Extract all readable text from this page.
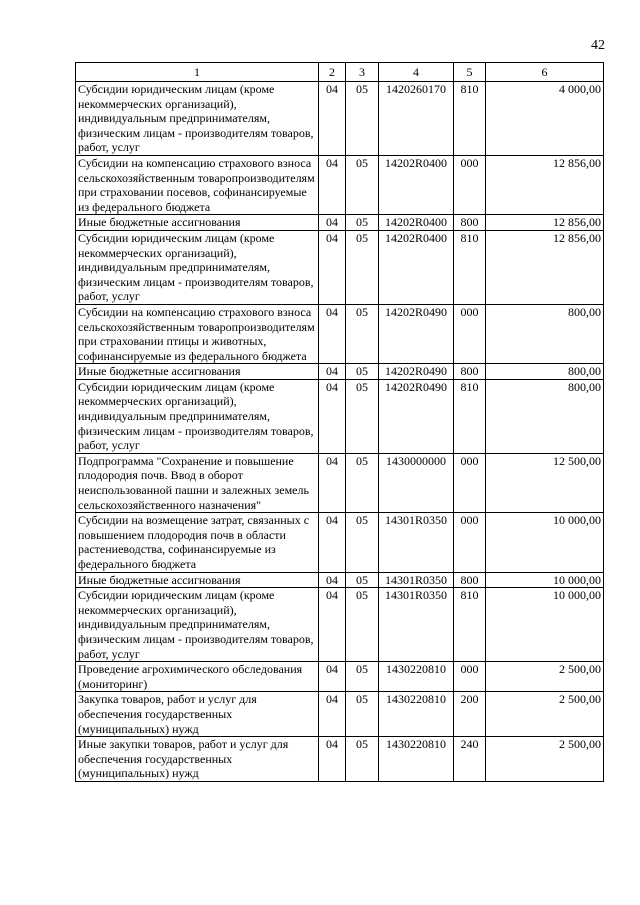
42
1	2	3	4	5	6
Субсидии юридическим лицам (кроме некоммерческих организаций), индивидуальным предпринимателям, физическим лицам - производителям товаров, работ, услуг	04	05	1420260170	810	4 000,00
Субсидии на компенсацию страхового взноса сельскохозяйственным товаропроизводителям при страховании посевов, софинансируемые из федерального бюджета	04	05	14202R0400	000	12 856,00
Иные бюджетные ассигнования	04	05	14202R0400	800	12 856,00
Субсидии юридическим лицам (кроме некоммерческих организаций), индивидуальным предпринимателям, физическим лицам - производителям товаров, работ, услуг	04	05	14202R0400	810	12 856,00
Субсидии на компенсацию страхового взноса сельскохозяйственным товаропроизводителям при страховании птицы и животных, софинансируемые из федерального бюджета	04	05	14202R0490	000	800,00
Иные бюджетные ассигнования	04	05	14202R0490	800	800,00
Субсидии юридическим лицам (кроме некоммерческих организаций), индивидуальным предпринимателям, физическим лицам - производителям товаров, работ, услуг	04	05	14202R0490	810	800,00
Подпрограмма "Сохранение и повышение плодородия почв. Ввод в оборот неиспользованной пашни и залежных земель сельскохозяйственного назначения"	04	05	1430000000	000	12 500,00
Субсидии на возмещение затрат, связанных с повышением плодородия почв в области растениеводства, софинансируемые из федерального бюджета	04	05	14301R0350	000	10 000,00
Иные бюджетные ассигнования	04	05	14301R0350	800	10 000,00
Субсидии юридическим лицам (кроме некоммерческих организаций), индивидуальным предпринимателям, физическим лицам - производителям товаров, работ, услуг	04	05	14301R0350	810	10 000,00
Проведение агрохимического обследования (мониторинг)	04	05	1430220810	000	2 500,00
Закупка товаров, работ и услуг для обеспечения государственных (муниципальных) нужд	04	05	1430220810	200	2 500,00
Иные закупки товаров, работ и услуг для обеспечения государственных (муниципальных) нужд	04	05	1430220810	240	2 500,00
